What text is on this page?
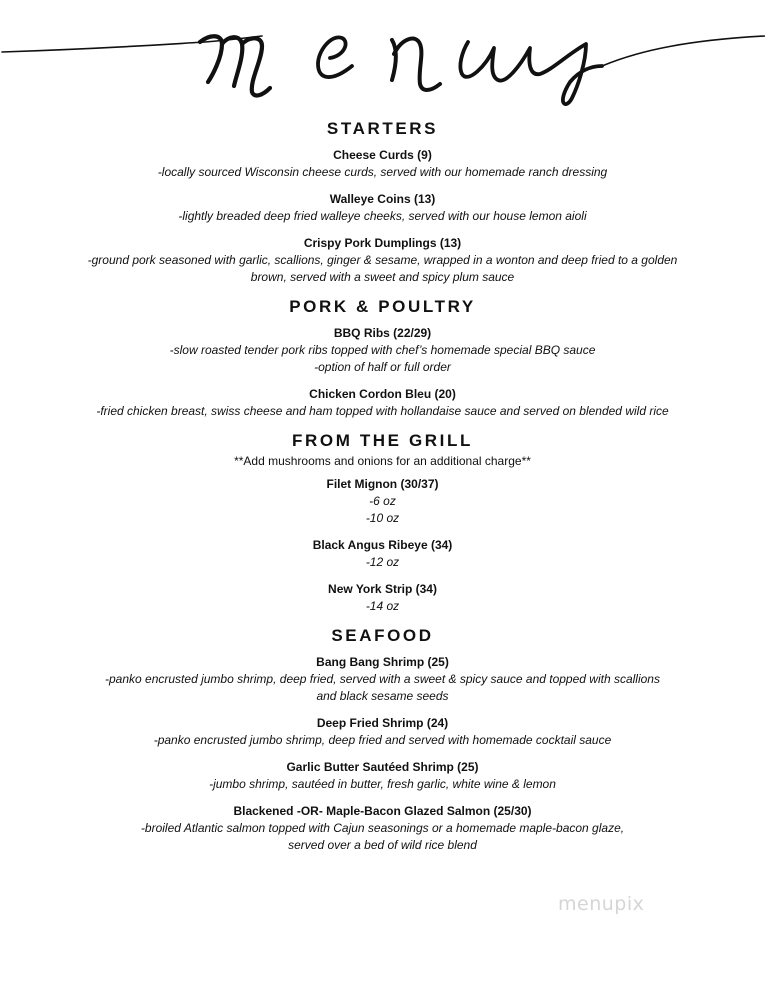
STARTERS
Cheese Curds (9)
-locally sourced Wisconsin cheese curds, served with our homemade ranch dressing
Walleye Coins (13)
-lightly breaded deep fried walleye cheeks, served with our house lemon aioli
Crispy Pork Dumplings (13)
-ground pork seasoned with garlic, scallions, ginger & sesame, wrapped in a wonton and deep fried to a golden
brown, served with a sweet and spicy plum sauce
PORK & POULTRY
BBQ Ribs (22/29)
-slow roasted tender pork ribs topped with chef’s homemade special BBQ sauce
-option of half or full order
Chicken Cordon Bleu (20)
-fried chicken breast, swiss cheese and ham topped with hollandaise sauce and served on blended wild rice
FROM THE GRILL
**Add mushrooms and onions for an additional charge**
Filet Mignon (30/37)
-6 oz
-10 oz
Black Angus Ribeye (34)
-12 oz
New York Strip (34)
-14 oz
SEAFOOD
Bang Bang Shrimp (25)
-panko encrusted jumbo shrimp, deep fried, served with a sweet & spicy sauce and topped with scallions
and black sesame seeds
Deep Fried Shrimp (24)
-panko encrusted jumbo shrimp, deep fried and served with homemade cocktail sauce
Garlic Butter Sautéed Shrimp (25)
-jumbo shrimp, sautéed in butter, fresh garlic, white wine & lemon
Blackened -OR- Maple-Bacon Glazed Salmon (25/30)
-broiled Atlantic salmon topped with Cajun seasonings or a homemade maple-bacon glaze,
served over a bed of wild rice blend
menupix
